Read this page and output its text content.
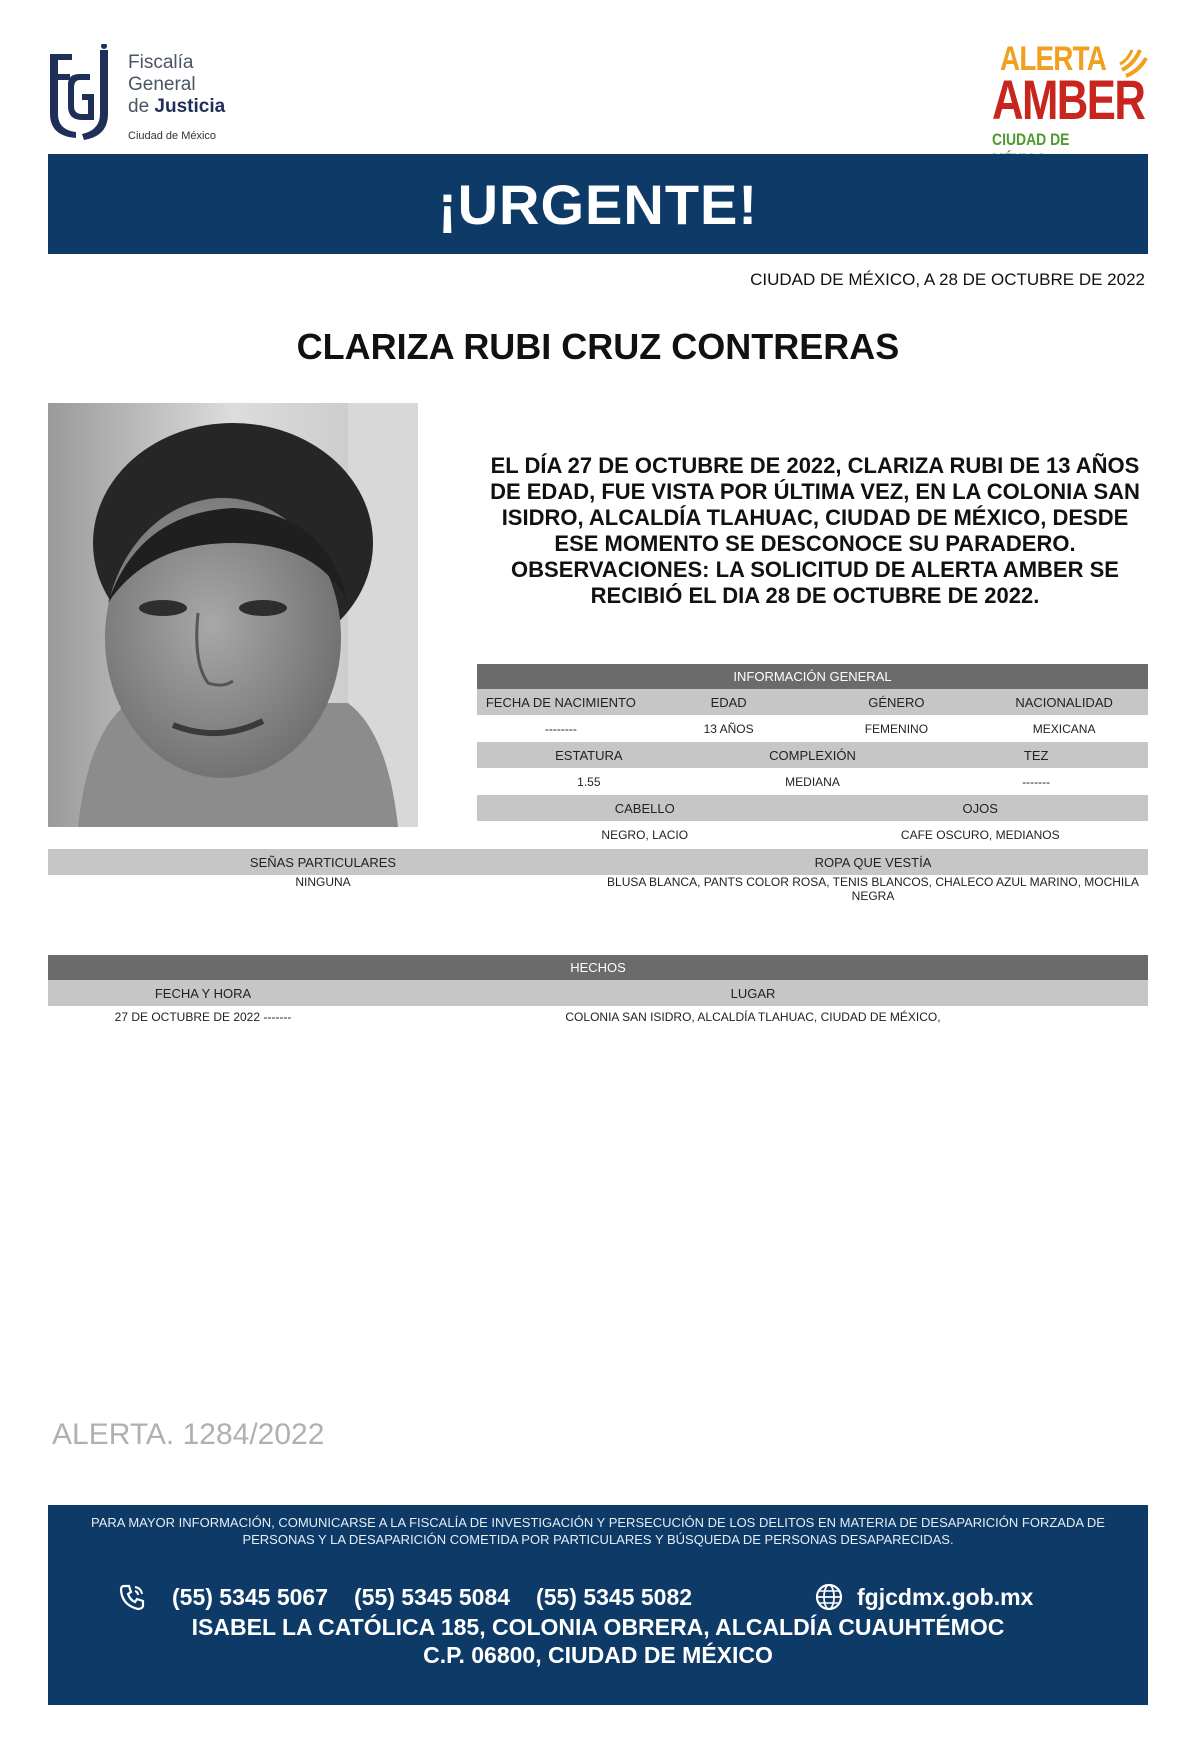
Fiscalía
General
de Justicia
Ciudad de México
ALERTA
AMBER
CIUDAD DE
¡URGENTE!
CIUDAD DE MÉXICO, A 28 DE OCTUBRE DE 2022
CLARIZA RUBI CRUZ CONTRERAS
EL DÍA 27 DE OCTUBRE DE 2022, CLARIZA RUBI DE 13 AÑOS DE EDAD, FUE VISTA POR ÚLTIMA VEZ, EN LA COLONIA SAN ISIDRO, ALCALDÍA TLAHUAC, CIUDAD DE MÉXICO, DESDE ESE MOMENTO SE DESCONOCE SU PARADERO. OBSERVACIONES: LA SOLICITUD DE ALERTA AMBER SE RECIBIÓ EL DIA 28 DE OCTUBRE DE 2022.
INFORMACIÓN GENERAL
FECHA DE NACIMIENTO	EDAD	GÉNERO	NACIONALIDAD
--------	13 AÑOS	FEMENINO	MEXICANA
ESTATURA	COMPLEXIÓN	TEZ
1.55	MEDIANA	-------
CABELLO	OJOS
NEGRO, LACIO	CAFE OSCURO, MEDIANOS
SEÑAS PARTICULARES	ROPA QUE VESTÍA
NINGUNA	BLUSA BLANCA, PANTS COLOR ROSA, TENIS BLANCOS, CHALECO AZUL MARINO, MOCHILA NEGRA
HECHOS
FECHA Y HORA	LUGAR
27 DE OCTUBRE DE 2022 -------	COLONIA SAN ISIDRO, ALCALDÍA TLAHUAC, CIUDAD DE MÉXICO,
ALERTA. 1284/2022
PARA MAYOR INFORMACIÓN, COMUNICARSE A LA FISCALÍA DE INVESTIGACIÓN Y PERSECUCIÓN DE LOS DELITOS EN MATERIA DE DESAPARICIÓN FORZADA DE PERSONAS Y LA DESAPARICIÓN COMETIDA POR PARTICULARES Y BÚSQUEDA DE PERSONAS DESAPARECIDAS.
(55) 5345 5067 (55) 5345 5084 (55) 5345 5082	fgjcdmx.gob.mx
ISABEL LA CATÓLICA 185, COLONIA OBRERA, ALCALDÍA CUAUHTÉMOC
C.P. 06800, CIUDAD DE MÉXICO
